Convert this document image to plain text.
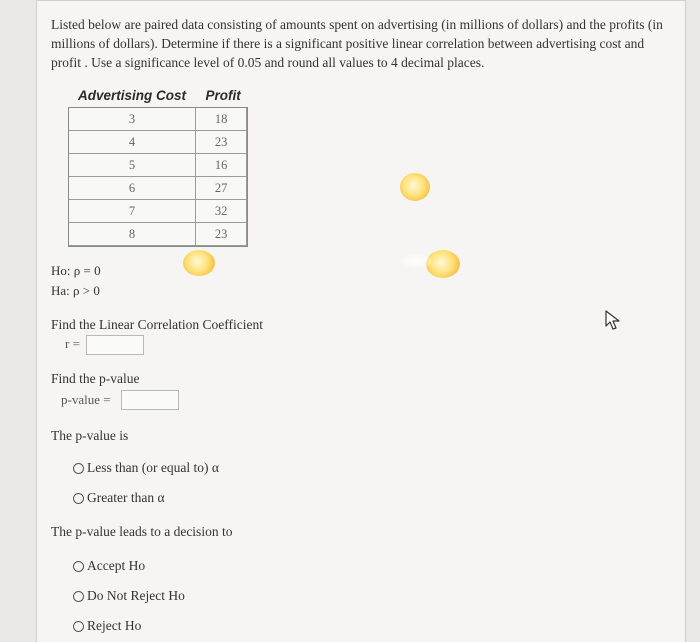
Listed below are paired data consisting of amounts spent on advertising (in millions of dollars) and the profits (in millions of dollars). Determine if there is a significant positive linear correlation between advertising cost and profit . Use a significance level of 0.05 and round all values to 4 decimal places.
Advertising Cost	Profit
3	18
4	23
5	16
6	27
7	32
8	23
Ho: ρ = 0
Ha: ρ > 0
Find the Linear Correlation Coefficient
r =
Find the p-value
p-value =
The p-value is
Less than (or equal to) α
Greater than α
The p-value leads to a decision to
Accept Ho
Do Not Reject Ho
Reject Ho
